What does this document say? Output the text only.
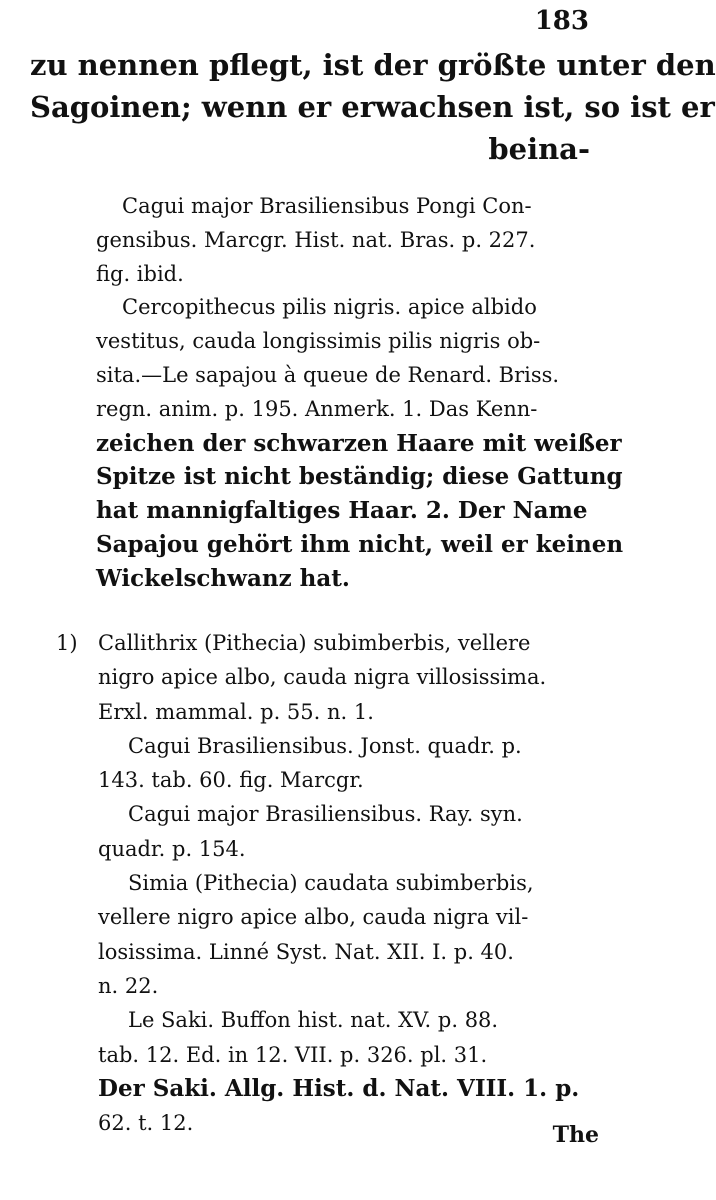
183
zu nennen pflegt, ist der größte unter den
Sagoinen; wenn er erwachsen ist, so ist er
beina-
Cagui major Brasiliensibus Pongi Con-
gensibus. Marcgr. Hist. nat. Bras. p. 227.
fig. ibid.
Cercopithecus pilis nigris. apice albido
vestitus, cauda longissimis pilis nigris ob-
sita.—Le sapajou à queue de Renard. Briss.
regn. anim. p. 195. Anmerk. 1. Das Kenn-
zeichen der schwarzen Haare mit weißer
Spitze ist nicht beständig; diese Gattung
hat mannigfaltiges Haar. 2. Der Name
Sapajou gehört ihm nicht, weil er keinen
Wickelschwanz hat.
1) Callithrix (Pithecia) subimberbis, vellere
nigro apice albo, cauda nigra villosissima.
Erxl. mammal. p. 55. n. 1.
Cagui Brasiliensibus. Jonst. quadr. p.
143. tab. 60. fig. Marcgr.
Cagui major Brasiliensibus. Ray. syn.
quadr. p. 154.
Simia (Pithecia) caudata subimberbis,
vellere nigro apice albo, cauda nigra vil-
losissima. Linné Syst. Nat. XII. I. p. 40.
n. 22.
Le Saki. Buffon hist. nat. XV. p. 88.
tab. 12. Ed. in 12. VII. p. 326. pl. 31.
Der Saki. Allg. Hist. d. Nat. VIII. 1. p.
62. t. 12.	The
